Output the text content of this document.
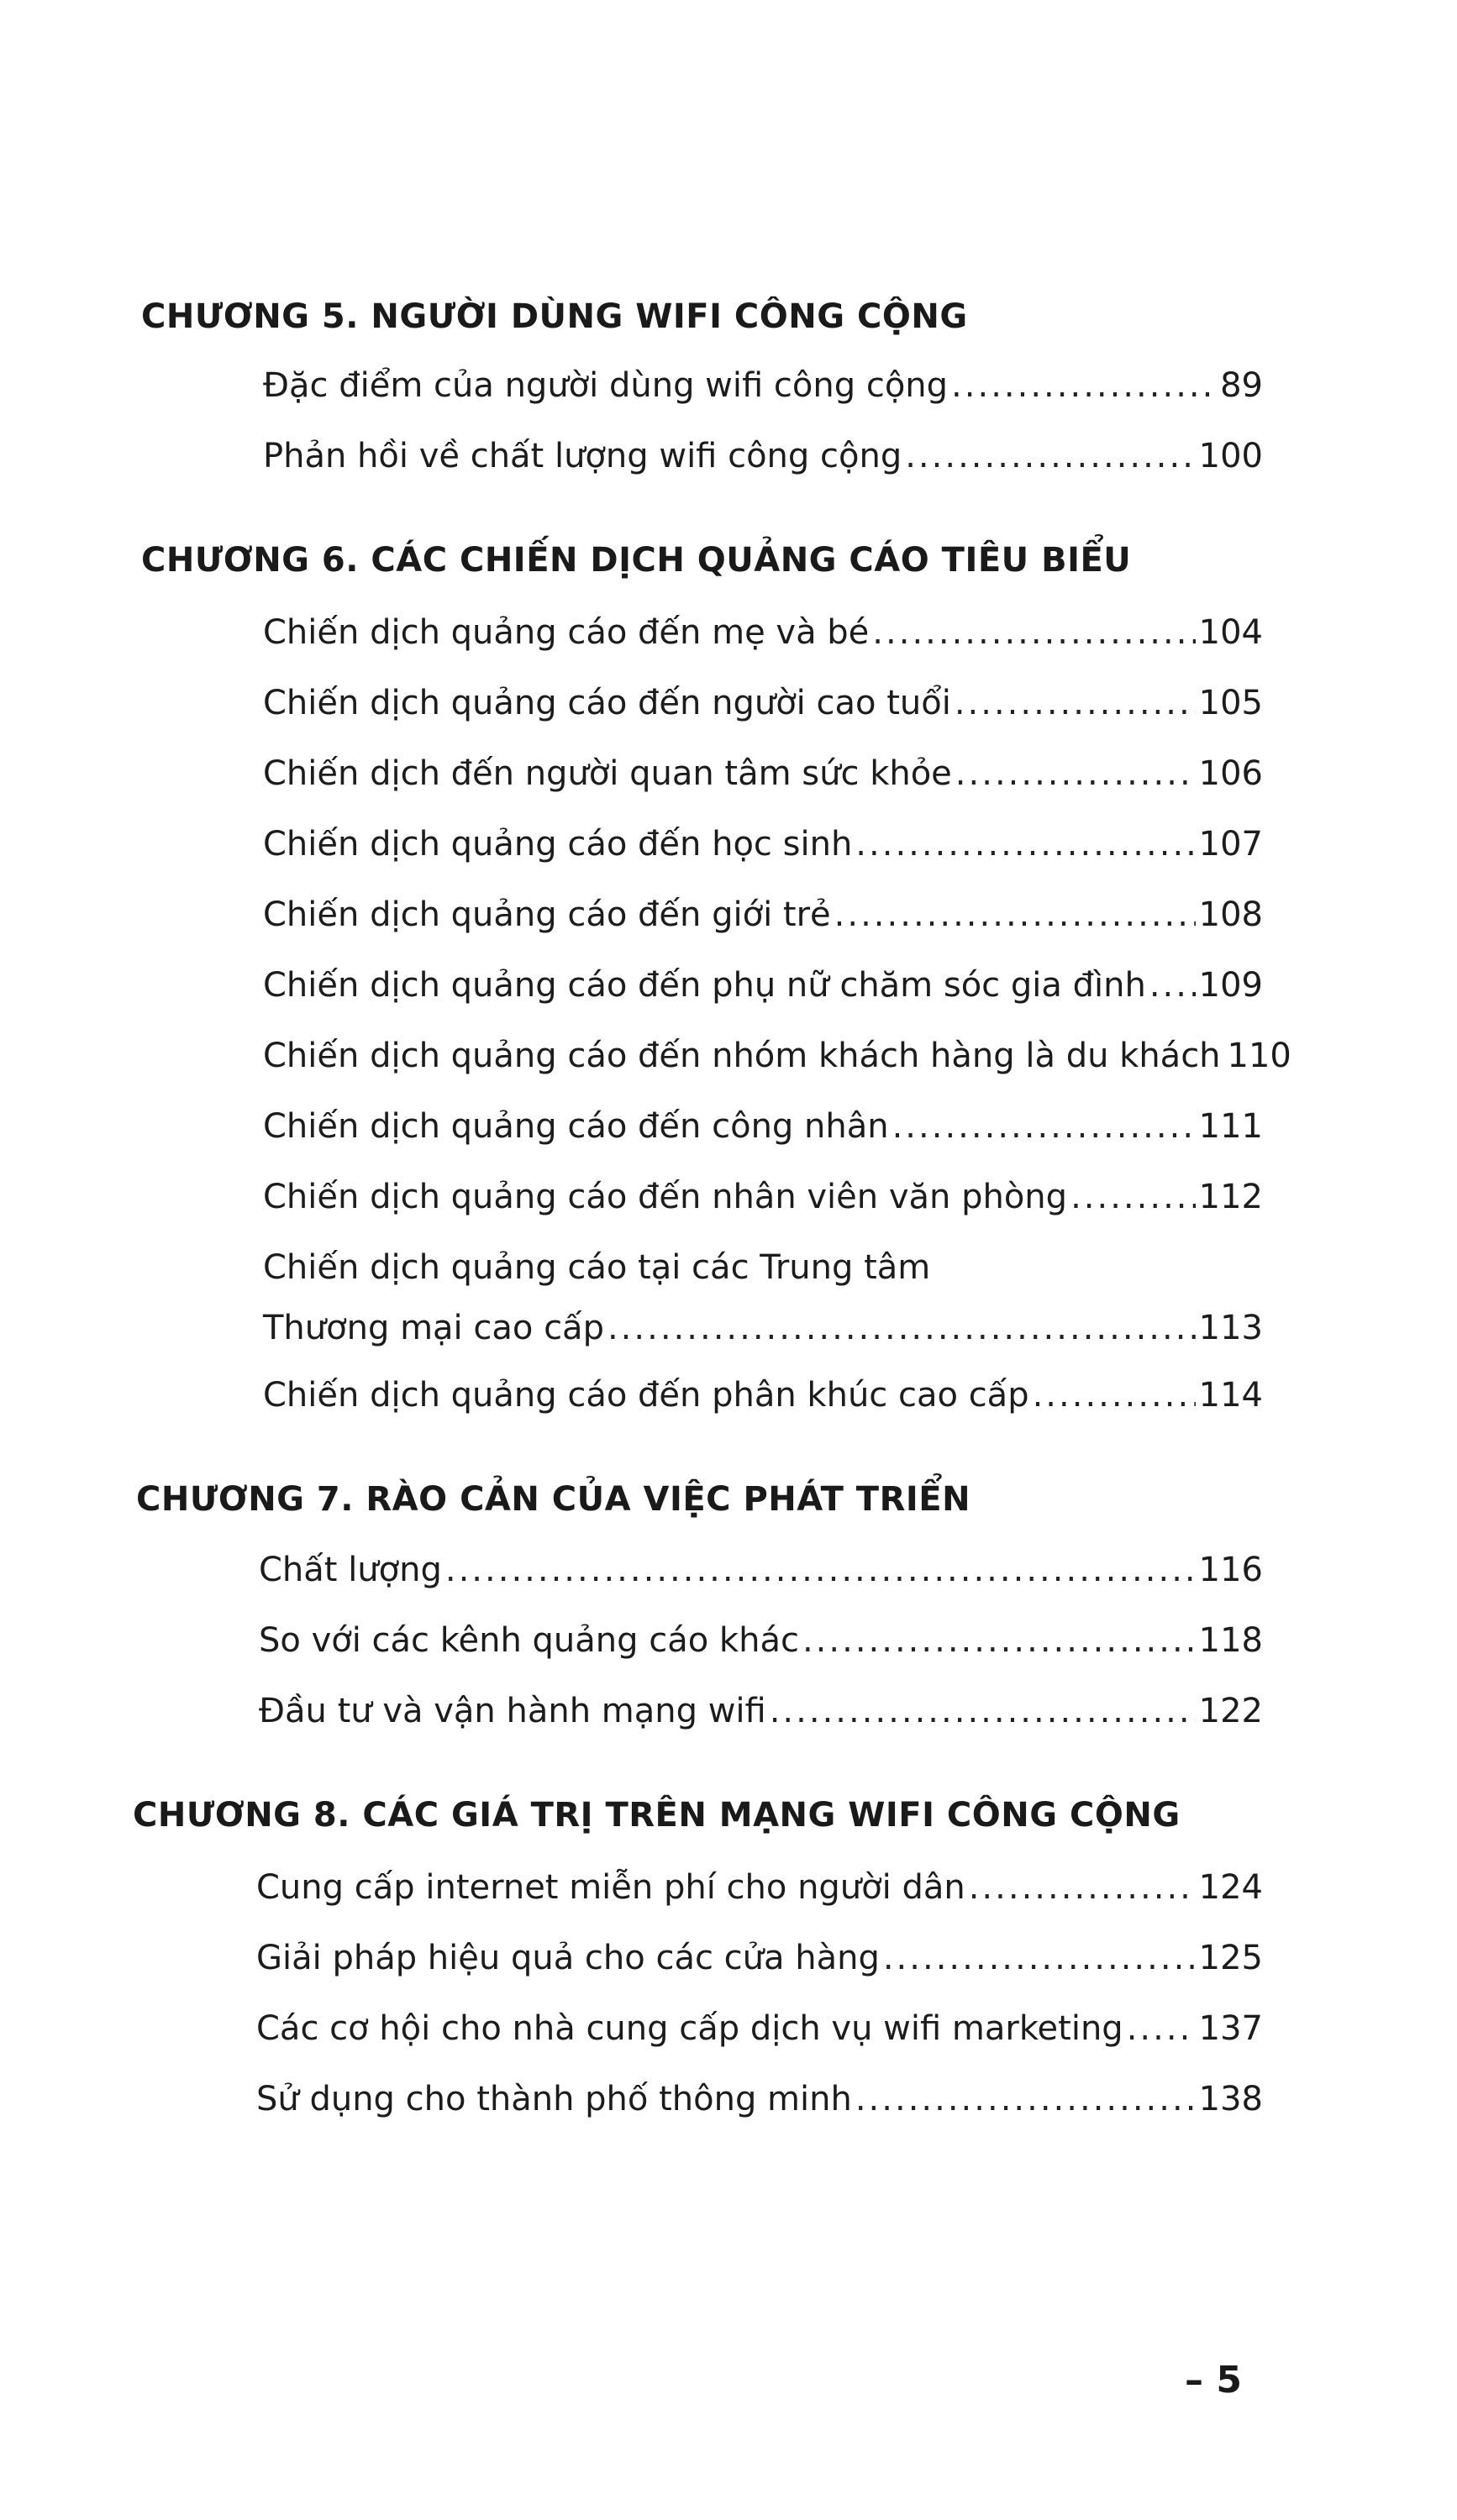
CHƯƠNG 5. NGƯỜI DÙNG WIFI CÔNG CỘNG
Đặc điểm của người dùng wifi công cộng .....	89
Phản hồi về chất lượng wifi công cộng .....	100
CHƯƠNG 6. CÁC CHIẾN DỊCH QUẢNG CÁO TIÊU BIỂU
Chiến dịch quảng cáo đến mẹ và bé .....	104
Chiến dịch quảng cáo đến người cao tuổi .....	105
Chiến dịch đến người quan tâm sức khỏe .....	106
Chiến dịch quảng cáo đến học sinh .....	107
Chiến dịch quảng cáo đến giới trẻ .....	108
Chiến dịch quảng cáo đến phụ nữ chăm sóc gia đình ..... 109
Chiến dịch quảng cáo đến nhóm khách hàng là du khách 110
Chiến dịch quảng cáo đến công nhân .....	111
Chiến dịch quảng cáo đến nhân viên văn phòng .....	112
Chiến dịch quảng cáo tại các Trung tâm
Thương mại cao cấp .....	113
Chiến dịch quảng cáo đến phân khúc cao cấp .....	114
CHƯƠNG 7. RÀO CẢN CỦA VIỆC PHÁT TRIỂN
Chất lượng .....	116
So với các kênh quảng cáo khác .....	118
Đầu tư và vận hành mạng wifi .....	122
CHƯƠNG 8. CÁC GIÁ TRỊ TRÊN MẠNG WIFI CÔNG CỘNG
Cung cấp internet miễn phí cho người dân .....	124
Giải pháp hiệu quả cho các cửa hàng .....	125
Các cơ hội cho nhà cung cấp dịch vụ wifi marketing ..... 137
Sử dụng cho thành phố thông minh .....	138
– 5
